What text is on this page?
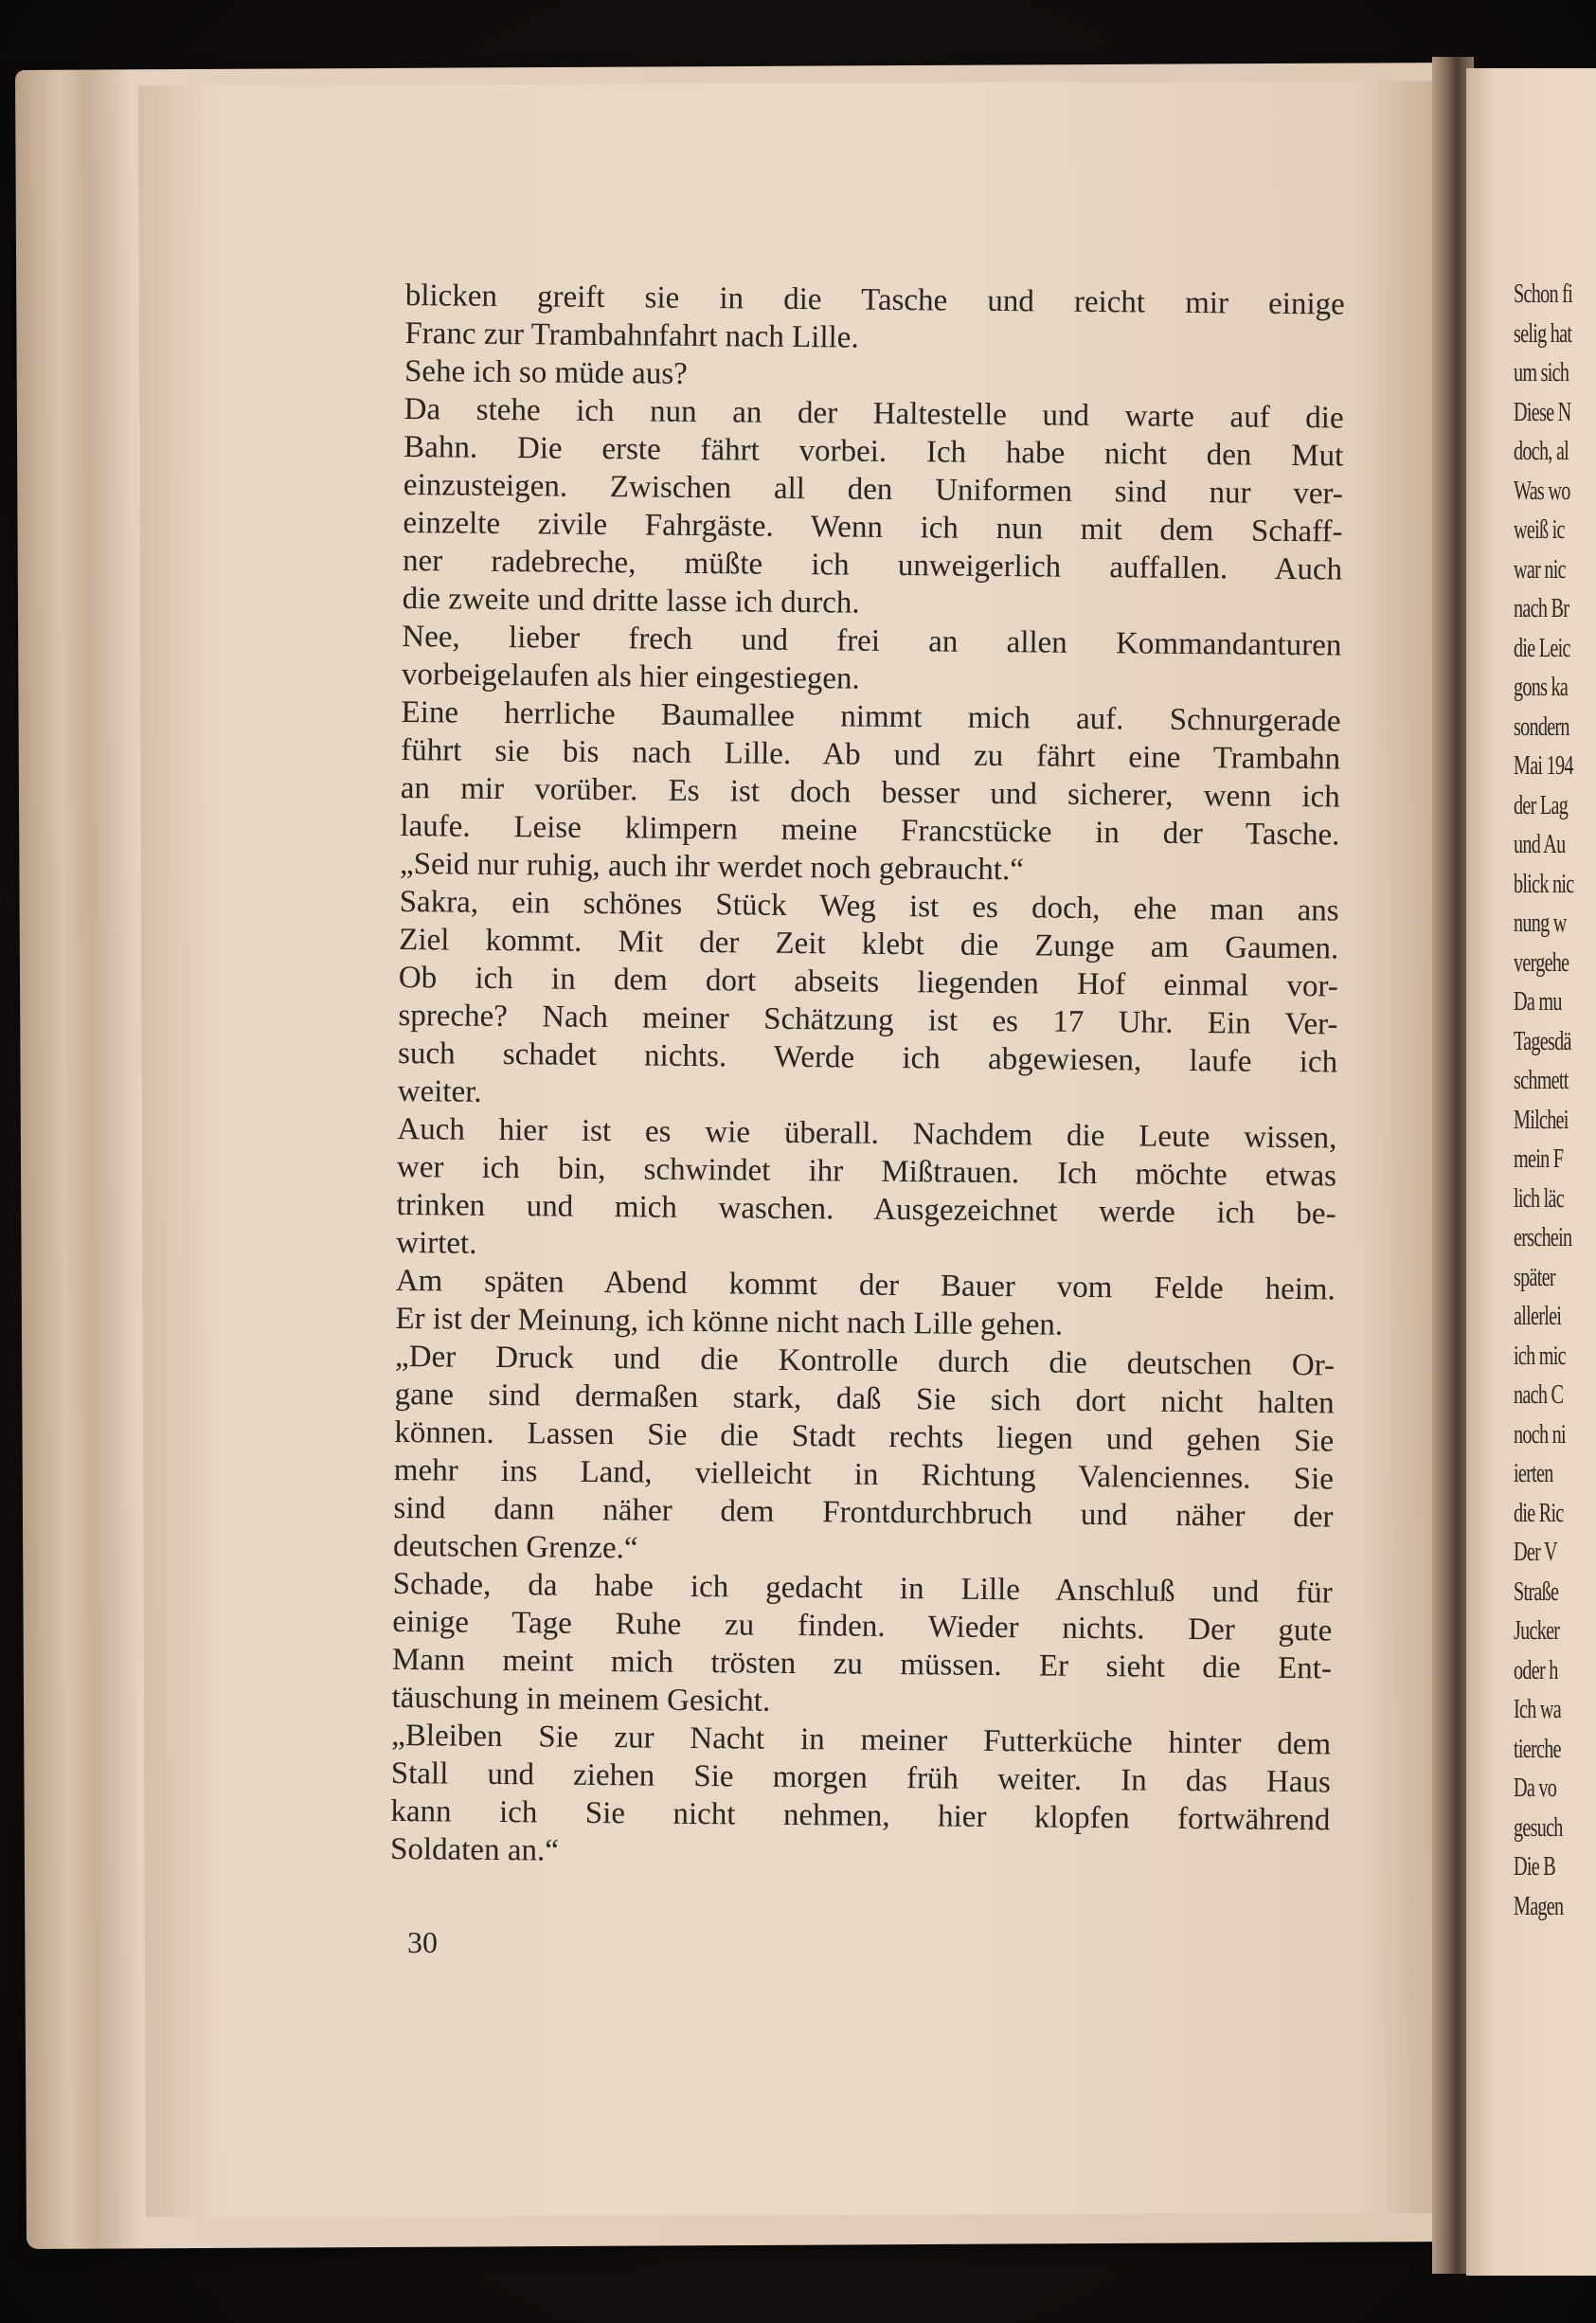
blicken greift sie in die Tasche und reicht mir einige
Franc zur Trambahnfahrt nach Lille.
Sehe ich so müde aus?
Da stehe ich nun an der Haltestelle und warte auf die
Bahn. Die erste fährt vorbei. Ich habe nicht den Mut
einzusteigen. Zwischen all den Uniformen sind nur ver-
einzelte zivile Fahrgäste. Wenn ich nun mit dem Schaff-
ner radebreche, müßte ich unweigerlich auffallen. Auch
die zweite und dritte lasse ich durch.
Nee, lieber frech und frei an allen Kommandanturen
vorbeigelaufen als hier eingestiegen.
Eine herrliche Baumallee nimmt mich auf. Schnurgerade
führt sie bis nach Lille. Ab und zu fährt eine Trambahn
an mir vorüber. Es ist doch besser und sicherer, wenn ich
laufe. Leise klimpern meine Francstücke in der Tasche.
„Seid nur ruhig, auch ihr werdet noch gebraucht.“
Sakra, ein schönes Stück Weg ist es doch, ehe man ans
Ziel kommt. Mit der Zeit klebt die Zunge am Gaumen.
Ob ich in dem dort abseits liegenden Hof einmal vor-
spreche? Nach meiner Schätzung ist es 17 Uhr. Ein Ver-
such schadet nichts. Werde ich abgewiesen, laufe ich
weiter.
Auch hier ist es wie überall. Nachdem die Leute wissen,
wer ich bin, schwindet ihr Mißtrauen. Ich möchte etwas
trinken und mich waschen. Ausgezeichnet werde ich be-
wirtet.
Am späten Abend kommt der Bauer vom Felde heim.
Er ist der Meinung, ich könne nicht nach Lille gehen.
„Der Druck und die Kontrolle durch die deutschen Or-
gane sind dermaßen stark, daß Sie sich dort nicht halten
können. Lassen Sie die Stadt rechts liegen und gehen Sie
mehr ins Land, vielleicht in Richtung Valenciennes. Sie
sind dann näher dem Frontdurchbruch und näher der
deutschen Grenze.“
Schade, da habe ich gedacht in Lille Anschluß und für
einige Tage Ruhe zu finden. Wieder nichts. Der gute
Mann meint mich trösten zu müssen. Er sieht die Ent-
täuschung in meinem Gesicht.
„Bleiben Sie zur Nacht in meiner Futterküche hinter dem
Stall und ziehen Sie morgen früh weiter. In das Haus
kann ich Sie nicht nehmen, hier klopfen fortwährend
Soldaten an.“
30
Schon fi
selig hat
um sich
Diese N
doch, al
Was wo
weiß ic
war nic
nach Br
die Leic
gons ka
sondern
Mai 194
der Lag
und Au
blick nic
nung w
vergehe
Da mu
Tagesdä
schmett
Milchei
mein F
lich läc
erschein
später
allerlei
ich mic
nach C
noch ni
ierten
die Ric
Der V
Straße
Jucker
oder h
Ich wa
tierche
Da vo
gesuch
Die B
Magen
